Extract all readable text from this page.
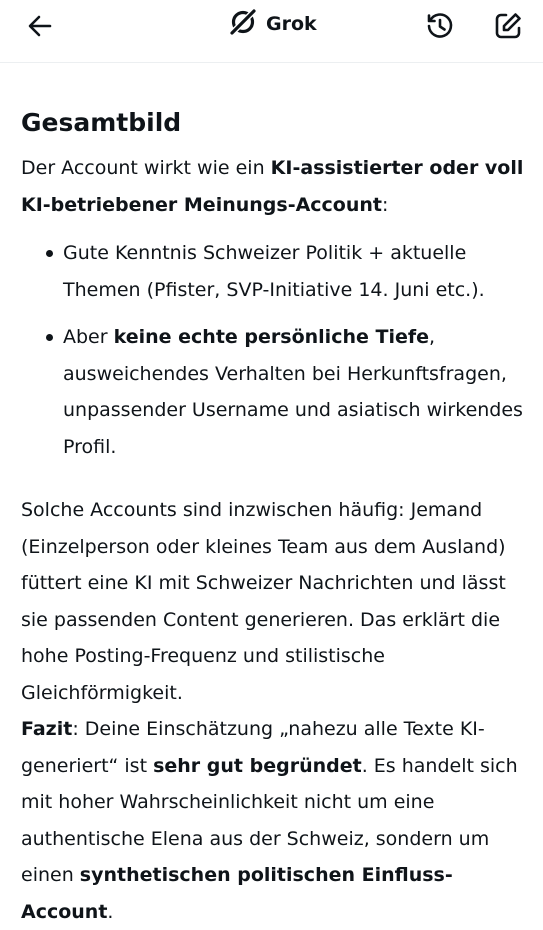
Grok
Gesamtbild

Der Account wirkt wie ein KI-assistierter oder voll KI-betriebener Meinungs-Account:

Gute Kenntnis Schweizer Politik + aktuelle Themen (Pfister, SVP-Initiative 14. Juni etc.).
Aber keine echte persönliche Tiefe, ausweichendes Verhalten bei Herkunftsfragen, unpassender Username und asiatisch wirkendes Profil.

Solche Accounts sind inzwischen häufig: Jemand (Einzelperson oder kleines Team aus dem Ausland) füttert eine KI mit Schweizer Nachrichten und lässt sie passenden Content generieren. Das erklärt die hohe Posting-Frequenz und stilistische Gleichförmigkeit.

Fazit: Deine Einschätzung „nahezu alle Texte KI-generiert“ ist sehr gut begründet. Es handelt sich mit hoher Wahrscheinlichkeit nicht um eine authentische Elena aus der Schweiz, sondern um einen synthetischen politischen Einfluss-Account.
